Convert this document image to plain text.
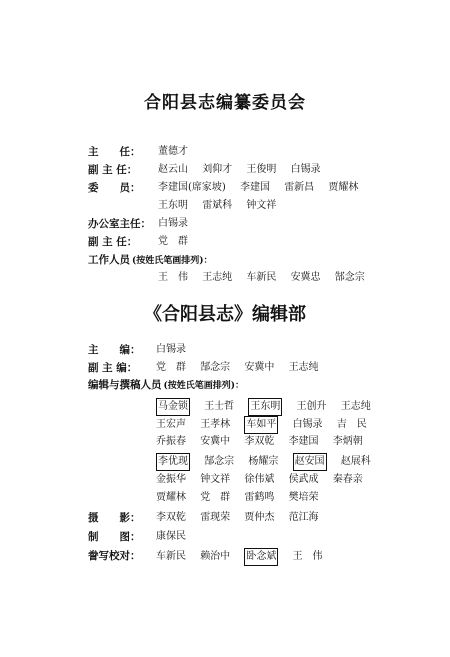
合阳县志编纂委员会
主　　任： 董德才
副 主 任： 赵云山 刘仰才 王俊明 白锡录
委　　员： 李建国(席家坡) 李建国 雷新昌 贾耀林
王东明 雷斌科 钟文祥
办公室主任： 白锡录
副 主 任： 党　群
工作人员 (按姓氏笔画排列)：
王　伟 王志纯 车新民 安冀忠 郜念宗
《合阳县志》编辑部
主　　编： 白锡录
副 主 编： 党　群 郜念宗 安冀中 王志纯
编辑与撰稿人员 (按姓氏笔画排列)：
马金锁 王士哲 王东明 王创升 王志纯
王宏声 王孝林 车如平 白锡录 吉　民
乔振春 安冀中 李双乾 李建国 李炳朝
李优现 郜念宗 杨耀宗 赵安国 赵展科
金振华 钟文祥 徐伟斌 侯武成 秦春亲
贾耀林 党　群 雷鹤鸣 樊培荣
摄　　影： 李双乾 雷现荣 贾仲杰 范江海
制　　图： 康保民
誊写校对： 车新民 赖治中 卧念斌 王　伟
